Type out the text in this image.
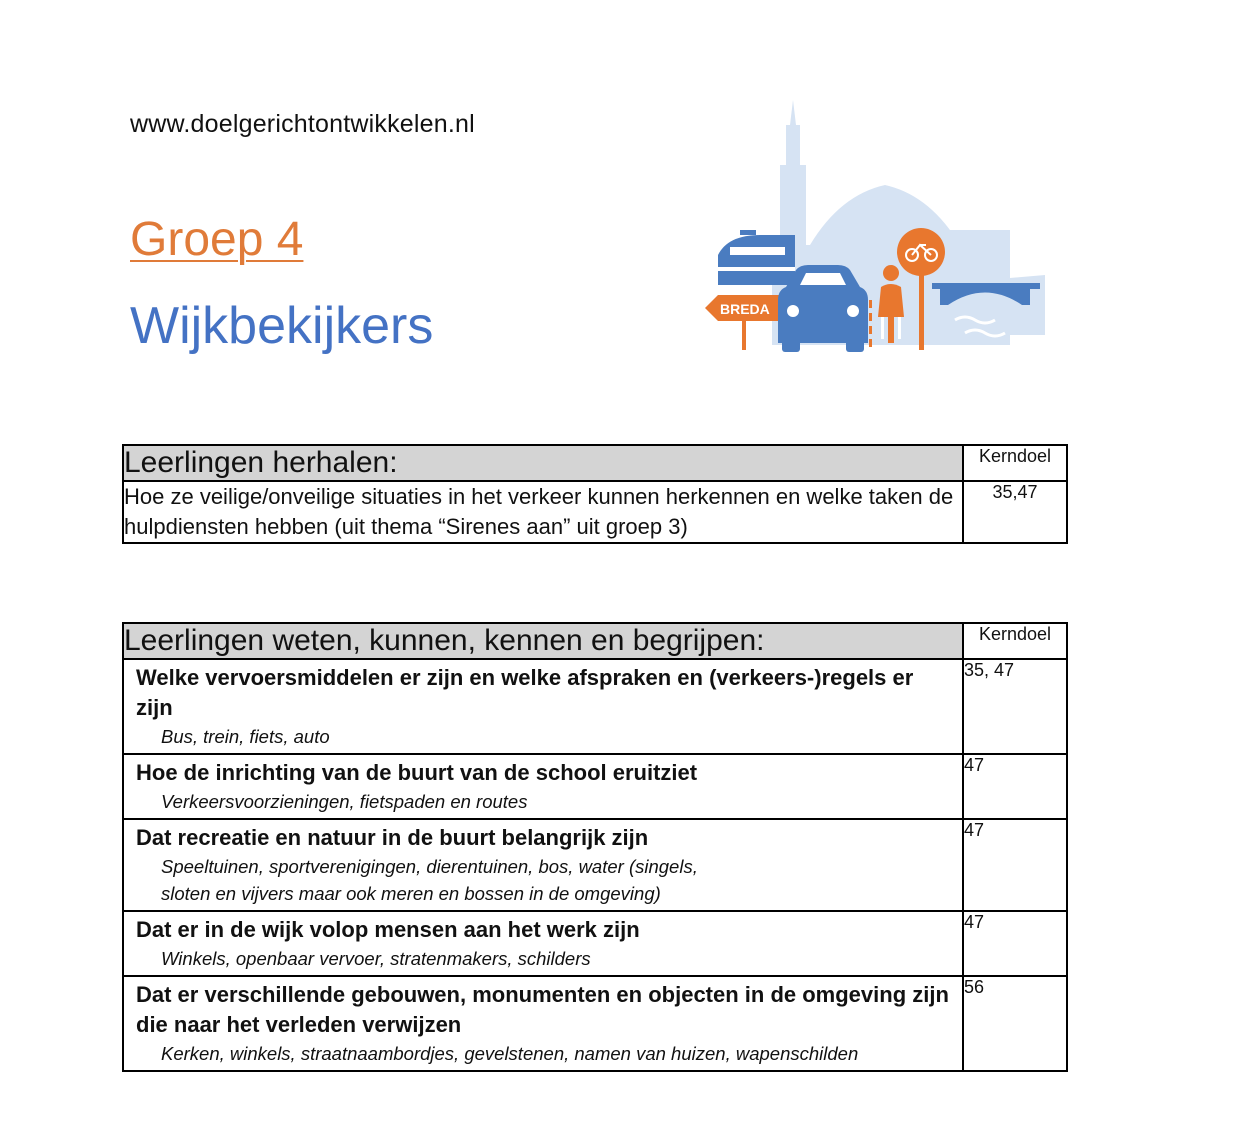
www.doelgerichtontwikkelen.nl
Groep 4
Wijkbekijkers	BREDA
Leerlingen herhalen:	Kerndoel
Hoe ze veilige/onveilige situaties in het verkeer kunnen herkennen en welke taken de hulpdiensten hebben (uit thema “Sirenes aan” uit groep 3)	35,47
Leerlingen weten, kunnen, kennen en begrijpen:	Kerndoel

Welke vervoersmiddelen er zijn en welke afspraken en (verkeers-)regels er zijn
Bus, trein, fiets, auto	35, 47

Hoe de inrichting van de buurt van de school eruitziet
Verkeersvoorzieningen, fietspaden en routes	47

Dat recreatie en natuur in de buurt belangrijk zijn
Speeltuinen, sportverenigingen, dierentuinen, bos, water (singels, sloten en vijvers maar ook meren en bossen in de omgeving)	47

Dat er in de wijk volop mensen aan het werk zijn
Winkels, openbaar vervoer, stratenmakers, schilders	47

Dat er verschillende gebouwen, monumenten en objecten in de omgeving zijn die naar het verleden verwijzen
Kerken, winkels, straatnaambordjes, gevelstenen, namen van huizen, wapenschilden	56
